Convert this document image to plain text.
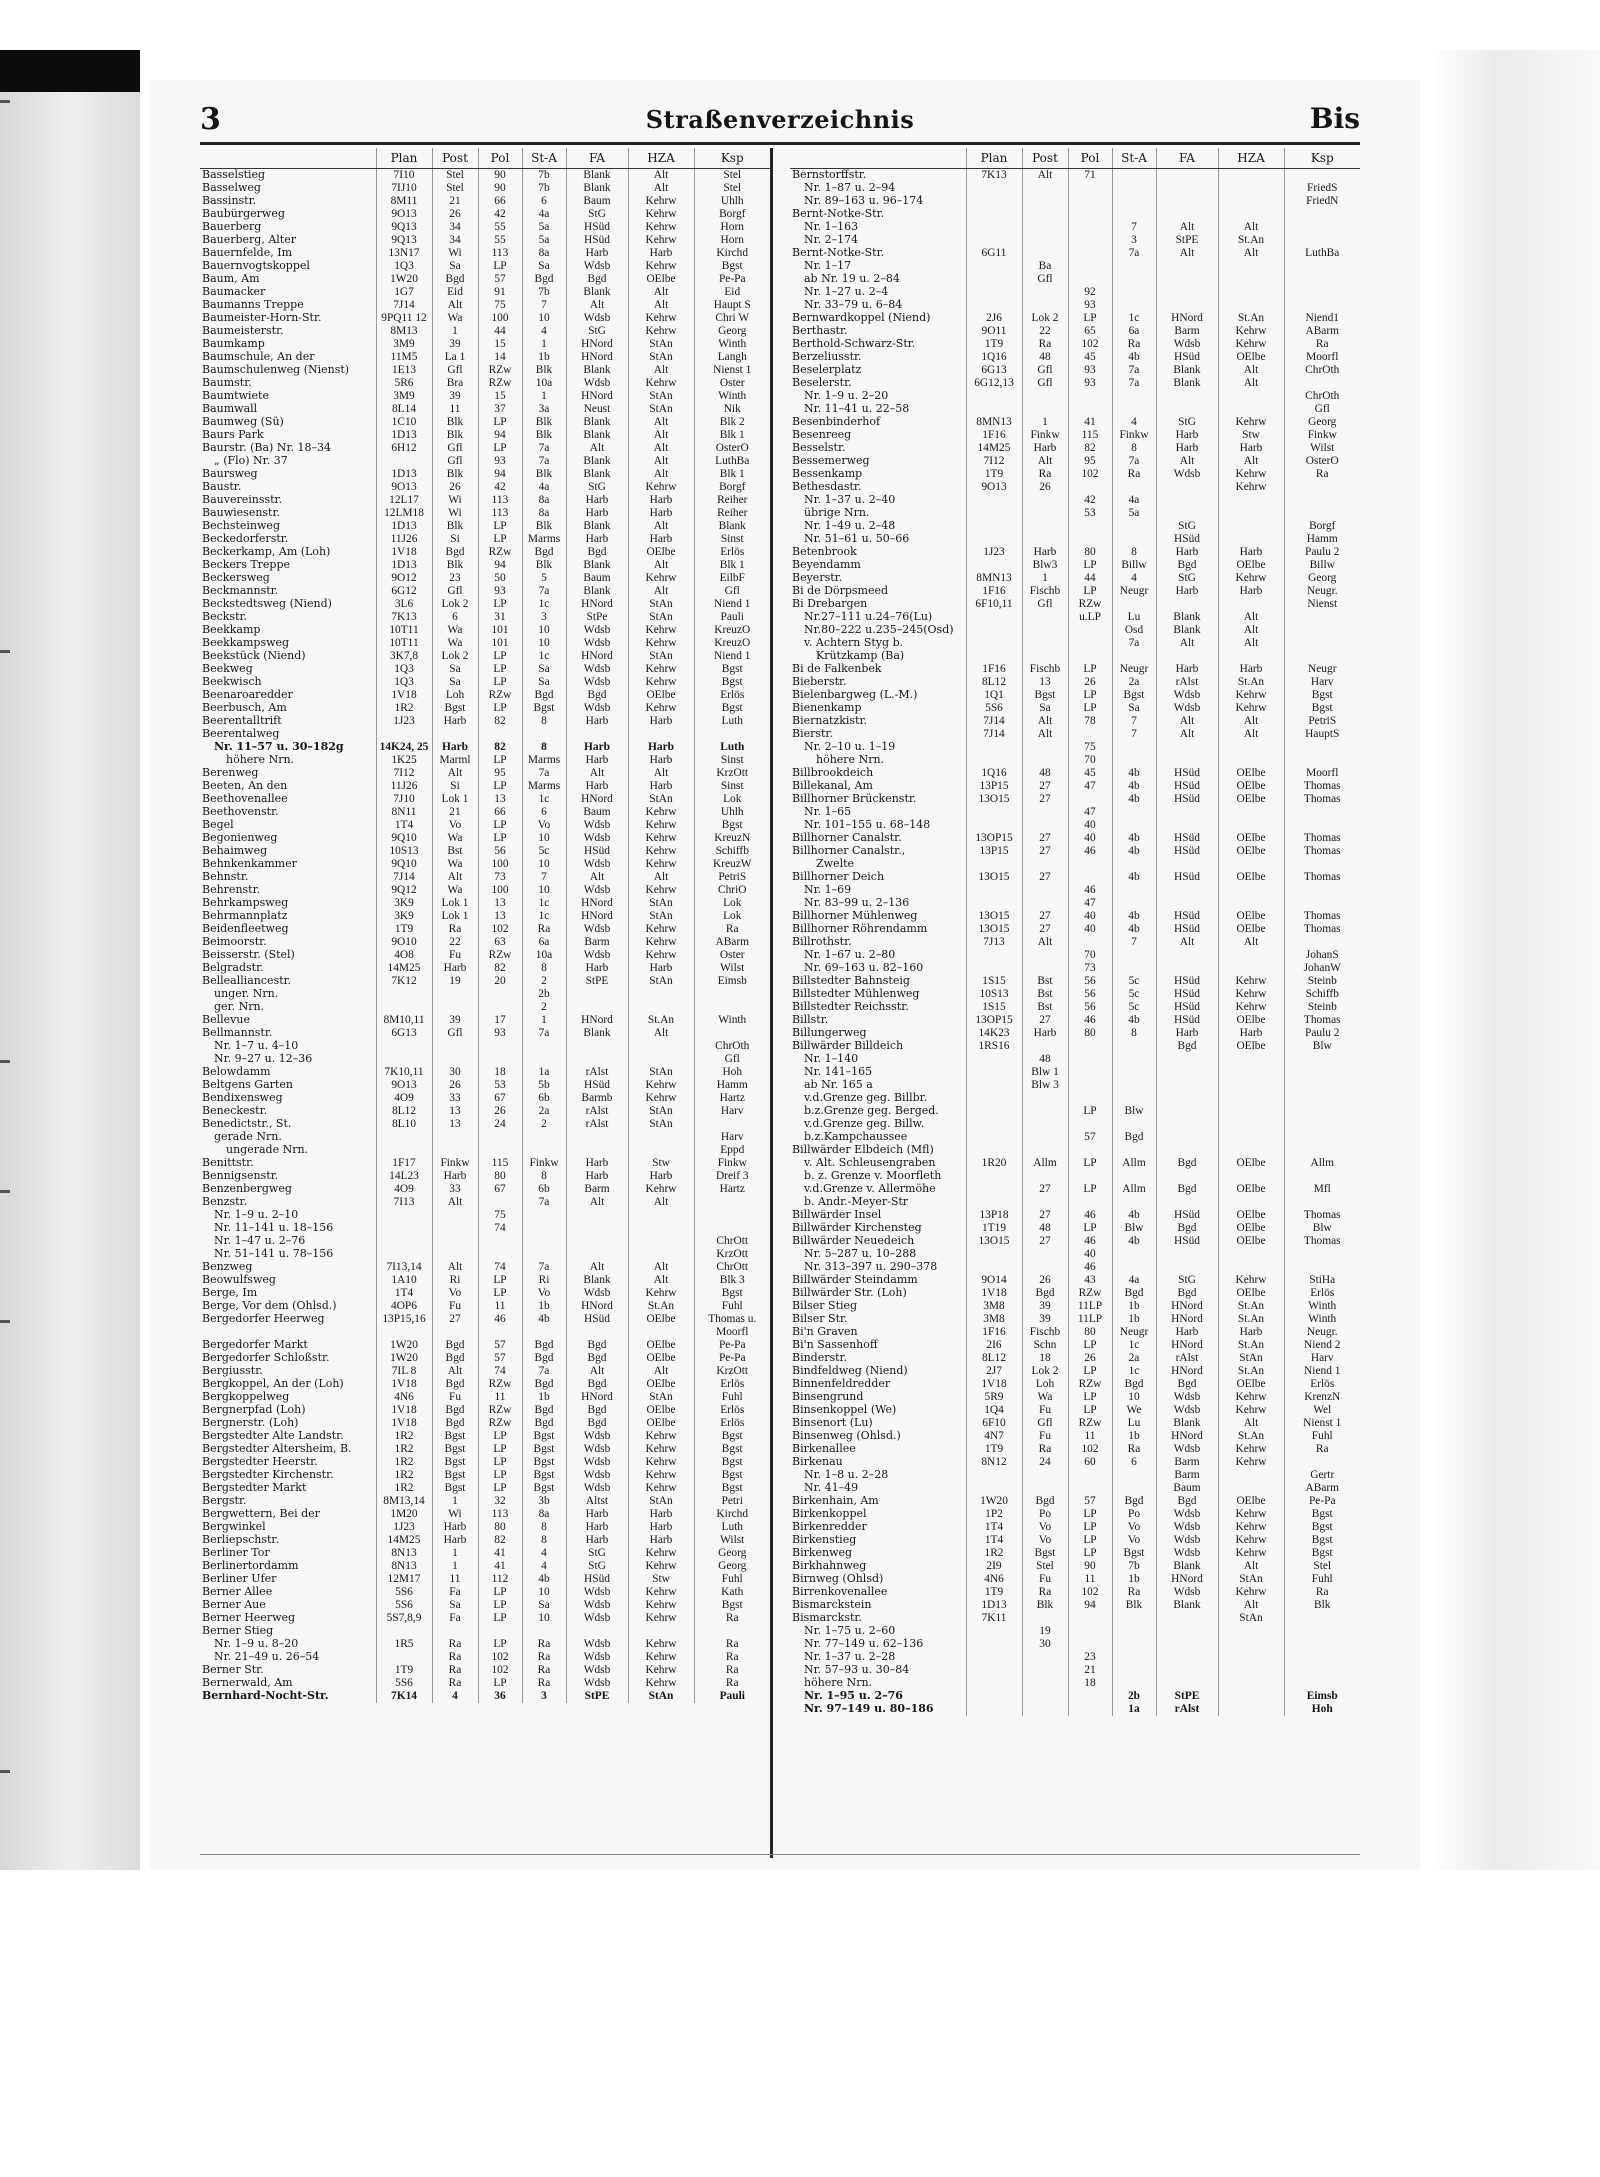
3	Straßenverzeichnis	Bis
	Plan	Post	Pol	St-A	FA	HZA	Ksp
Basselstieg	7I10	Stel	90	7b	Blank	Alt	Stel
Basselweg	7IJ10	Stel	90	7b	Blank	Alt	Stel
Bassinstr.	8M11	21	66	6	Baum	Kehrw	Uhlh
Baubürgerweg	9O13	26	42	4a	StG	Kehrw	Borgf
Bauerberg	9Q13	34	55	5a	HSüd	Kehrw	Horn
Bauerberg, Alter	9Q13	34	55	5a	HSüd	Kehrw	Horn
Bauernfelde, Im	13N17	Wi	113	8a	Harb	Harb	Kirchd
Bauernvogtskoppel	1Q3	Sa	LP	Sa	Wdsb	Kehrw	Bgst
Baum, Am	1W20	Bgd	57	Bgd	Bgd	OElbe	Pe-Pa
Baumacker	1G7	Eid	91	7b	Blank	Alt	Eid
Baumanns Treppe	7J14	Alt	75	7	Alt	Alt	Haupt S
Baumeister-Horn-Str.	9PQ11 12	Wa	100	10	Wdsb	Kehrw	Chri W
Baumeisterstr.	8M13	1	44	4	StG	Kehrw	Georg
Baumkamp	3M9	39	15	1	HNord	StAn	Winth
Baumschule, An der	11M5	La 1	14	1b	HNord	StAn	Langh
Baumschulenweg (Nienst)	1E13	Gfl	RZw	Blk	Blank	Alt	Nienst 1
Baumstr.	5R6	Bra	RZw	10a	Wdsb	Kehrw	Oster
Baumtwiete	3M9	39	15	1	HNord	StAn	Winth
Baumwall	8L14	11	37	3a	Neust	StAn	Nik
Baumweg (Sü)	1C10	Blk	LP	Blk	Blank	Alt	Blk 2
Baurs Park	1D13	Blk	94	Blk	Blank	Alt	Blk 1
Baurstr. (Ba) Nr. 18–34	6H12	Gfl	LP	7a	Alt	Alt	OsterO
„ (Flo) Nr. 37		Gfl	93	7a	Blank	Alt	LuthBa
Baursweg	1D13	Blk	94	Blk	Blank	Alt	Blk 1
Baustr.	9O13	26	42	4a	StG	Kehrw	Borgf
Bauvereinsstr.	12L17	Wi	113	8a	Harb	Harb	Reiher
Bauwiesenstr.	12LM18	Wi	113	8a	Harb	Harb	Reiher
Bechsteinweg	1D13	Blk	LP	Blk	Blank	Alt	Blank
Beckedorferstr.	11J26	Si	LP	Marms	Harb	Harb	Sinst
Beckerkamp, Am (Loh)	1V18	Bgd	RZw	Bgd	Bgd	OElbe	Erlös
Beckers Treppe	1D13	Blk	94	Blk	Blank	Alt	Blk 1
Beckersweg	9O12	23	50	5	Baum	Kehrw	EilbF
Beckmannstr.	6G12	Gfl	93	7a	Blank	Alt	Gfl
Beckstedtsweg (Niend)	3L6	Lok 2	LP	1c	HNord	StAn	Niend 1
Beckstr.	7K13	6	31	3	StPe	StAn	Pauli
Beekkamp	10T11	Wa	101	10	Wdsb	Kehrw	KreuzO
Beekkampsweg	10T11	Wa	101	10	Wdsb	Kehrw	KreuzO
Beekstück (Niend)	3K7,8	Lok 2	LP	1c	HNord	StAn	Niend 1
Beekweg	1Q3	Sa	LP	Sa	Wdsb	Kehrw	Bgst
Beekwisch	1Q3	Sa	LP	Sa	Wdsb	Kehrw	Bgst
Beenaroaredder	1V18	Loh	RZw	Bgd	Bgd	OElbe	Erlös
Beerbusch, Am	1R2	Bgst	LP	Bgst	Wdsb	Kehrw	Bgst
Beerentalltrift	1J23	Harb	82	8	Harb	Harb	Luth
Beerentalweg							
Nr. 11–57 u. 30–182g	14K24, 25	Harb	82	8	Harb	Harb	Luth
höhere Nrn.	1K25	Marml	LP	Marms	Harb	Harb	Sinst
Berenweg	7I12	Alt	95	7a	Alt	Alt	KrzOtt
Beeten, An den	11J26	Si	LP	Marms	Harb	Harb	Sinst
Beethovenallee	7J10	Lok 1	13	1c	HNord	StAn	Lok
Beethovenstr.	8N11	21	66	6	Baum	Kehrw	Uhlh
Begel	1T4	Vo	LP	Vo	Wdsb	Kehrw	Bgst
Begonienweg	9Q10	Wa	LP	10	Wdsb	Kehrw	KreuzN
Behaimweg	10S13	Bst	56	5c	HSüd	Kehrw	Schiffb
Behnkenkammer	9Q10	Wa	100	10	Wdsb	Kehrw	KreuzW
Behnstr.	7J14	Alt	73	7	Alt	Alt	PetriS
Behrenstr.	9Q12	Wa	100	10	Wdsb	Kehrw	ChriO
Behrkampsweg	3K9	Lok 1	13	1c	HNord	StAn	Lok
Behrmannplatz	3K9	Lok 1	13	1c	HNord	StAn	Lok
Beidenfleetweg	1T9	Ra	102	Ra	Wdsb	Kehrw	Ra
Beimoorstr.	9O10	22	63	6a	Barm	Kehrw	ABarm
Beisserstr. (Stel)	4O8	Fu	RZw	10a	Wdsb	Kehrw	Oster
Belgradstr.	14M25	Harb	82	8	Harb	Harb	Wilst
Bellealliancestr.	7K12	19	20	2	StPE	StAn	Eimsb
unger. Nrn.				2b			
ger. Nrn.				2			
Bellevue	8M10,11	39	17	1	HNord	St.An	Winth
Bellmannstr.	6G13	Gfl	93	7a	Blank	Alt	
Nr. 1–7 u. 4–10							ChrOth
Nr. 9–27 u. 12–36							Gfl
Belowdamm	7K10,11	30	18	1a	rAlst	StAn	Hoh
Beltgens Garten	9O13	26	53	5b	HSüd	Kehrw	Hamm
Bendixensweg	4O9	33	67	6b	Barmb	Kehrw	Hartz
Beneckestr.	8L12	13	26	2a	rAlst	StAn	Harv
Benedictstr., St.	8L10	13	24	2	rAlst	StAn	
gerade Nrn.							Harv
ungerade Nrn.							Eppd
Benittstr.	1F17	Finkw	115	Finkw	Harb	Stw	Finkw
Bennigsenstr.	14L23	Harb	80	8	Harb	Harb	Dreif 3
Benzenbergweg	4O9	33	67	6b	Barm	Kehrw	Hartz
Benzstr.	7I13	Alt		7a	Alt	Alt	
Nr. 1–9 u. 2–10			75				
Nr. 11–141 u. 18–156			74				
Nr. 1–47 u. 2–76							ChrOtt
Nr. 51–141 u. 78–156							KrzOtt
Benzweg	7I13,14	Alt	74	7a	Alt	Alt	ChrOtt
Beowulfsweg	1A10	Ri	LP	Ri	Blank	Alt	Blk 3
Berge, Im	1T4	Vo	LP	Vo	Wdsb	Kehrw	Bgst
Berge, Vor dem (Ohlsd.)	4OP6	Fu	11	1b	HNord	St.An	Fuhl
Bergedorfer Heerweg	13P15,16	27	46	4b	HSüd	OElbe	Thomas u.
							Moorfl
Bergedorfer Markt	1W20	Bgd	57	Bgd	Bgd	OElbe	Pe-Pa
Bergedorfer Schloßstr.	1W20	Bgd	57	Bgd	Bgd	OElbe	Pe-Pa
Bergiusstr.	7IL 8	Alt	74	7a	Alt	Alt	KrzOtt
Bergkoppel, An der (Loh)	1V18	Bgd	RZw	Bgd	Bgd	OElbe	Erlös
Bergkoppelweg	4N6	Fu	11	1b	HNord	StAn	Fuhl
Bergnerpfad (Loh)	1V18	Bgd	RZw	Bgd	Bgd	OElbe	Erlös
Bergnerstr. (Loh)	1V18	Bgd	RZw	Bgd	Bgd	OElbe	Erlös
Bergstedter Alte Landstr.	1R2	Bgst	LP	Bgst	Wdsb	Kehrw	Bgst
Bergstedter Altersheim, B.	1R2	Bgst	LP	Bgst	Wdsb	Kehrw	Bgst
Bergstedter Heerstr.	1R2	Bgst	LP	Bgst	Wdsb	Kehrw	Bgst
Bergstedter Kirchenstr.	1R2	Bgst	LP	Bgst	Wdsb	Kehrw	Bgst
Bergstedter Markt	1R2	Bgst	LP	Bgst	Wdsb	Kehrw	Bgst
Bergstr.	8M13,14	1	32	3b	Altst	StAn	Petri
Bergwettern, Bei der	1M20	Wi	113	8a	Harb	Harb	Kirchd
Bergwinkel	1J23	Harb	80	8	Harb	Harb	Luth
Berliepschstr.	14M25	Harb	82	8	Harb	Harb	Wilst
Berliner Tor	8N13	1	41	4	StG	Kehrw	Georg
Berlinertordamm	8N13	1	41	4	StG	Kehrw	Georg
Berliner Ufer	12M17	11	112	4b	HSüd	Stw	Fuhl
Berner Allee	5S6	Fa	LP	10	Wdsb	Kehrw	Kath
Berner Aue	5S6	Sa	LP	Sa	Wdsb	Kehrw	Bgst
Berner Heerweg	5S7,8,9	Fa	LP	10	Wdsb	Kehrw	Ra
Berner Stieg							
Nr. 1–9 u. 8–20	1R5	Ra	LP	Ra	Wdsb	Kehrw	Ra
Nr. 21–49 u. 26–54		Ra	102	Ra	Wdsb	Kehrw	Ra
Berner Str.	1T9	Ra	102	Ra	Wdsb	Kehrw	Ra
Bernerwald, Am	5S6	Ra	LP	Ra	Wdsb	Kehrw	Ra
Bernhard-Nocht-Str.	7K14	4	36	3	StPE	StAn	Pauli
	Plan	Post	Pol	St-A	FA	HZA	Ksp
Bernstorffstr.	7K13	Alt	71				
Nr. 1–87 u. 2–94							FriedS
Nr. 89–163 u. 96–174							FriedN
Bernt-Notke-Str.							
Nr. 1–163				7	Alt	Alt	
Nr. 2–174				3	StPE	St.An	
Bernt-Notke-Str.	6G11			7a	Alt	Alt	LuthBa
Nr. 1–17		Ba					
ab Nr. 19 u. 2–84		Gfl					
Nr. 1–27 u. 2–4			92				
Nr. 33–79 u. 6–84			93				
Bernwardkoppel (Niend)	2J6	Lok 2	LP	1c	HNord	St.An	Niend1
Berthastr.	9O11	22	65	6a	Barm	Kehrw	ABarm
Berthold-Schwarz-Str.	1T9	Ra	102	Ra	Wdsb	Kehrw	Ra
Berzeliusstr.	1Q16	48	45	4b	HSüd	OElbe	Moorfl
Beselerplatz	6G13	Gfl	93	7a	Blank	Alt	ChrOth
Beselerstr.	6G12,13	Gfl	93	7a	Blank	Alt	
Nr. 1–9 u. 2–20							ChrOth
Nr. 11–41 u. 22–58							Gfl
Besenbinderhof	8MN13	1	41	4	StG	Kehrw	Georg
Besenreeg	1F16	Finkw	115	Finkw	Harb	Stw	Finkw
Besselstr.	14M25	Harb	82	8	Harb	Harb	Wilst
Bessemerweg	7I12	Alt	95	7a	Alt	Alt	OsterO
Bessenkamp	1T9	Ra	102	Ra	Wdsb	Kehrw	Ra
Bethesdastr.	9O13	26				Kehrw	
Nr. 1–37 u. 2–40			42	4a			
übrige Nrn.			53	5a			
Nr. 1–49 u. 2–48					StG		Borgf
Nr. 51–61 u. 50–66					HSüd		Hamm
Betenbrook	1J23	Harb	80	8	Harb	Harb	Paulu 2
Beyendamm		Blw3	LP	Billw	Bgd	OElbe	Billw
Beyerstr.	8MN13	1	44	4	StG	Kehrw	Georg
Bi de Dörpsmeed	1F16	Fischb	LP	Neugr	Harb	Harb	Neugr.
Bi Drebargen	6F10,11	Gfl	RZw				Nienst
Nr.27–111 u.24–76(Lu)			u.LP	Lu	Blank	Alt	
Nr.80–222 u.235–245(Osd)				Osd	Blank	Alt	
v. Achtern Styg b.				7a	Alt	Alt	
Krützkamp (Ba)							
Bi de Falkenbek	1F16	Fischb	LP	Neugr	Harb	Harb	Neugr
Bieberstr.	8L12	13	26	2a	rAlst	St.An	Harv
Bielenbargweg (L.-M.)	1Q1	Bgst	LP	Bgst	Wdsb	Kehrw	Bgst
Bienenkamp	5S6	Sa	LP	Sa	Wdsb	Kehrw	Bgst
Biernatzkistr.	7J14	Alt	78	7	Alt	Alt	PetriS
Bierstr.	7J14	Alt		7	Alt	Alt	HauptS
Nr. 2–10 u. 1–19			75				
höhere Nrn.			70				
Billbrookdeich	1Q16	48	45	4b	HSüd	OElbe	Moorfl
Billekanal, Am	13P15	27	47	4b	HSüd	OElbe	Thomas
Billhorner Brückenstr.	13O15	27		4b	HSüd	OElbe	Thomas
Nr. 1–65			47				
Nr. 101–155 u. 68–148			40				
Billhorner Canalstr.	13OP15	27	40	4b	HSüd	OElbe	Thomas
Billhorner Canalstr.,	13P15	27	46	4b	HSüd	OElbe	Thomas
Zwelte							
Billhorner Deich	13O15	27		4b	HSüd	OElbe	Thomas
Nr. 1–69			46				
Nr. 83–99 u. 2–136			47				
Billhorner Mühlenweg	13O15	27	40	4b	HSüd	OElbe	Thomas
Billhorner Röhrendamm	13O15	27	40	4b	HSüd	OElbe	Thomas
Billrothstr.	7J13	Alt		7	Alt	Alt	
Nr. 1–67 u. 2–80			70				JohanS
Nr. 69–163 u. 82–160			73				JohanW
Billstedter Bahnsteig	1S15	Bst	56	5c	HSüd	Kehrw	Steinb
Billstedter Mühlenweg	10S13	Bst	56	5c	HSüd	Kehrw	Schiffb
Billstedter Reichsstr.	1S15	Bst	56	5c	HSüd	Kehrw	Steinb
Billstr.	13OP15	27	46	4b	HSüd	OElbe	Thomas
Billungerweg	14K23	Harb	80	8	Harb	Harb	Paulu 2
Billwärder Billdeich	1RS16				Bgd	OElbe	Blw
Nr. 1–140		48					
Nr. 141–165		Blw 1					
ab Nr. 165 a		Blw 3					
v.d.Grenze geg. Billbr.							
b.z.Grenze geg. Berged.			LP	Blw			
v.d.Grenze geg. Billw.							
b.z.Kampchaussee			57	Bgd			
Billwärder Elbdeich (Mfl)							
v. Alt. Schleusengraben	1R20	Allm	LP	Allm	Bgd	OElbe	Allm
b. z. Grenze v. Moorfleth							
v.d.Grenze v. Allermöhe		27	LP	Allm	Bgd	OElbe	Mfl
b. Andr.-Meyer-Str							
Billwärder Insel	13P18	27	46	4b	HSüd	OElbe	Thomas
Billwärder Kirchensteg	1T19	48	LP	Blw	Bgd	OElbe	Blw
Billwärder Neuedeich	13O15	27	46	4b	HSüd	OElbe	Thomas
Nr. 5–287 u. 10–288			40				
Nr. 313–397 u. 290–378			46				
Billwärder Steindamm	9O14	26	43	4a	StG	Kehrw	StiHa
Billwärder Str. (Loh)	1V18	Bgd	RZw	Bgd	Bgd	OElbe	Erlös
Bilser Stieg	3M8	39	11LP	1b	HNord	St.An	Winth
Bilser Str.	3M8	39	11LP	1b	HNord	St.An	Winth
Bi'n Graven	1F16	Fischb	80	Neugr	Harb	Harb	Neugr.
Bi'n Sassenhoff	2I6	Schn	LP	1c	HNord	St.An	Niend 2
Binderstr.	8L12	18	26	2a	rAlst	StAn	Harv
Bindfeldweg (Niend)	2J7	Lok 2	LP	1c	HNord	St.An	Niend 1
Binnenfeldredder	1V18	Loh	RZw	Bgd	Bgd	OElbe	Erlös
Binsengrund	5R9	Wa	LP	10	Wdsb	Kehrw	KrenzN
Binsenkoppel (We)	1Q4	Fu	LP	We	Wdsb	Kehrw	Wel
Binsenort (Lu)	6F10	Gfl	RZw	Lu	Blank	Alt	Nienst 1
Binsenweg (Ohlsd.)	4N7	Fu	11	1b	HNord	St.An	Fuhl
Birkenallee	1T9	Ra	102	Ra	Wdsb	Kehrw	Ra
Birkenau	8N12	24	60	6	Barm	Kehrw	
Nr. 1–8 u. 2–28					Barm		Gertr
Nr. 41–49					Baum		ABarm
Birkenhain, Am	1W20	Bgd	57	Bgd	Bgd	OElbe	Pe-Pa
Birkenkoppel	1P2	Po	LP	Po	Wdsb	Kehrw	Bgst
Birkenredder	1T4	Vo	LP	Vo	Wdsb	Kehrw	Bgst
Birkenstieg	1T4	Vo	LP	Vo	Wdsb	Kehrw	Bgst
Birkenweg	1R2	Bgst	LP	Bgst	Wdsb	Kehrw	Bgst
Birkhahnweg	2I9	Stel	90	7b	Blank	Alt	Stel
Birnweg (Ohlsd)	4N6	Fu	11	1b	HNord	StAn	Fuhl
Birrenkovenallee	1T9	Ra	102	Ra	Wdsb	Kehrw	Ra
Bismarckstein	1D13	Blk	94	Blk	Blank	Alt	Blk
Bismarckstr.	7K11					StAn	
Nr. 1–75 u. 2–60		19					
Nr. 77–149 u. 62–136		30					
Nr. 1–37 u. 2–28			23				
Nr. 57–93 u. 30–84			21				
höhere Nrn.			18				
Nr. 1–95 u. 2–76				2b	StPE		Eimsb
Nr. 97–149 u. 80–186				1a	rAlst		Hoh
